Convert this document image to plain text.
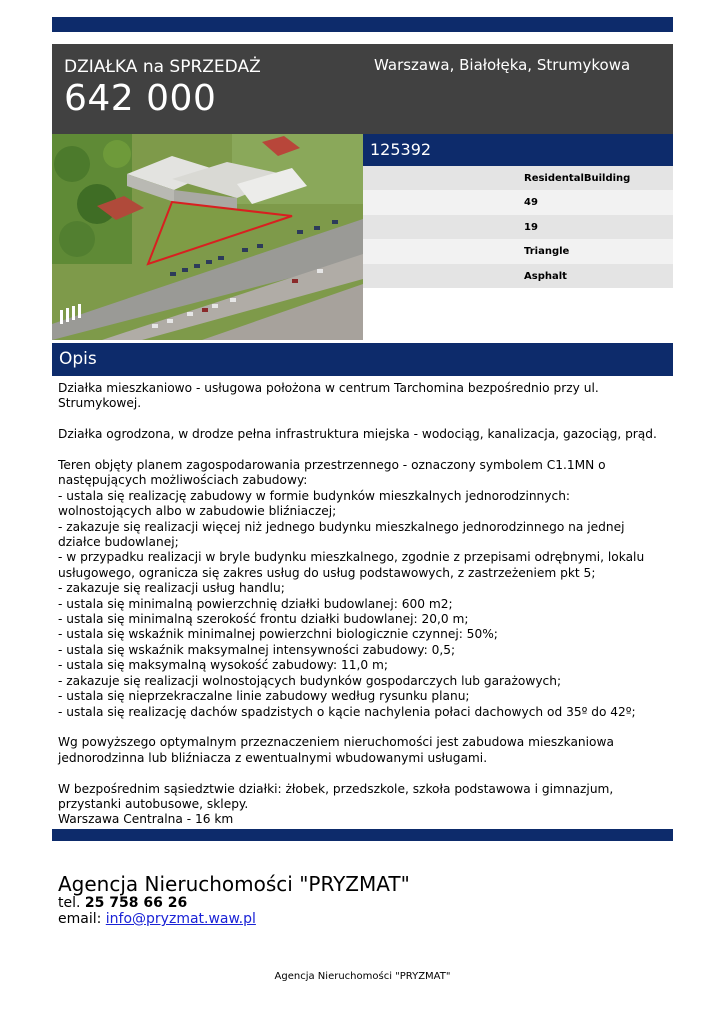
DZIAŁKA na SPRZEDAŻ
642 000
Warszawa, Białołęka, Strumykowa
125392
ResidentalBuilding
49
19
Triangle
Asphalt
Opis

Działka mieszkaniowo - usługowa położona w centrum Tarchomina bezpośrednio przy ul.
Strumykowej.

Działka ogrodzona, w drodze pełna infrastruktura miejska - wodociąg, kanalizacja, gazociąg, prąd.

Teren objęty planem zagospodarowania przestrzennego - oznaczony symbolem C1.1MN o
następujących możliwościach zabudowy:
- ustala się realizację zabudowy w formie budynków mieszkalnych jednorodzinnych:
wolnostojących albo w zabudowie bliźniaczej;
- zakazuje się realizacji więcej niż jednego budynku mieszkalnego jednorodzinnego na jednej
działce budowlanej;
- w przypadku realizacji w bryle budynku mieszkalnego, zgodnie z przepisami odrębnymi, lokalu
usługowego, ogranicza się zakres usług do usług podstawowych, z zastrzeżeniem pkt 5;
- zakazuje się realizacji usług handlu;
- ustala się minimalną powierzchnię działki budowlanej: 600 m2;
- ustala się minimalną szerokość frontu działki budowlanej: 20,0 m;
- ustala się wskaźnik minimalnej powierzchni biologicznie czynnej: 50%;
- ustala się wskaźnik maksymalnej intensywności zabudowy: 0,5;
- ustala się maksymalną wysokość zabudowy: 11,0 m;
- zakazuje się realizacji wolnostojących budynków gospodarczych lub garażowych;
- ustala się nieprzekraczalne linie zabudowy według rysunku planu;
- ustala się realizację dachów spadzistych o kącie nachylenia połaci dachowych od 35º do 42º;

Wg powyższego optymalnym przeznaczeniem nieruchomości jest zabudowa mieszkaniowa
jednorodzinna lub bliźniacza z ewentualnymi wbudowanymi usługami.

W bezpośrednim sąsiedztwie działki: żłobek, przedszkole, szkoła podstawowa i gimnazjum,
przystanki autobusowe, sklepy.
Warszawa Centralna - 16 km

Agencja Nieruchomości "PRYZMAT"
tel. 25 758 66 26
email: info@pryzmat.waw.pl
Agencja Nieruchomości "PRYZMAT"
